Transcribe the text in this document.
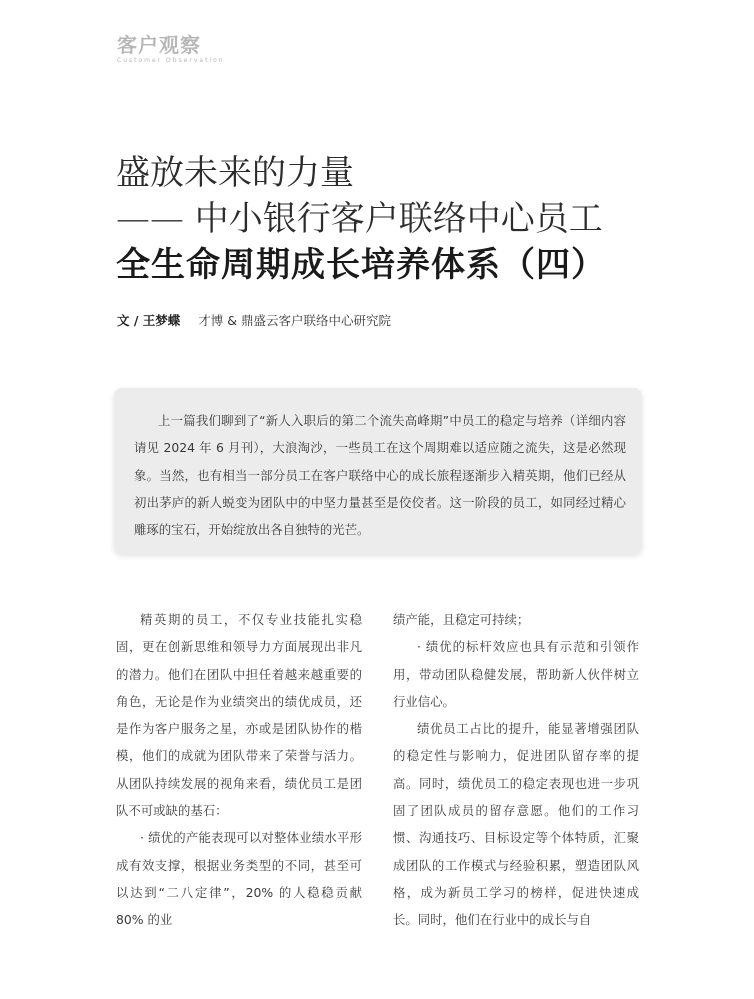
客户观察
Customer Observation
盛放未来的力量
—— 中小银行客户联络中心员工
全生命周期成长培养体系（四）
文 / 王梦蝶 才博 & 鼎盛云客户联络中心研究院

上一篇我们聊到了“新人入职后的第二个流失高峰期”中员工的稳定与培养（详细内容请见 2024 年 6 月刊），大浪淘沙，一些员工在这个周期难以适应随之流失，这是必然现象。当然，也有相当一部分员工在客户联络中心的成长旅程逐渐步入精英期，他们已经从初出茅庐的新人蜕变为团队中的中坚力量甚至是佼佼者。这一阶段的员工，如同经过精心雕琢的宝石，开始绽放出各自独特的光芒。

精英期的员工，不仅专业技能扎实稳固，更在创新思维和领导力方面展现出非凡的潜力。他们在团队中担任着越来越重要的角色，无论是作为业绩突出的绩优成员，还是作为客户服务之星，亦或是团队协作的楷模，他们的成就为团队带来了荣誉与活力。从团队持续发展的视角来看，绩优员工是团队不可或缺的基石：

· 绩优的产能表现可以对整体业绩水平形成有效支撑，根据业务类型的不同，甚至可以达到“二八定律”，20% 的人稳稳贡献 80% 的业

绩产能，且稳定可持续；

· 绩优的标杆效应也具有示范和引领作用，带动团队稳健发展，帮助新人伙伴树立行业信心。

绩优员工占比的提升，能显著增强团队的稳定性与影响力，促进团队留存率的提高。同时，绩优员工的稳定表现也进一步巩固了团队成员的留存意愿。他们的工作习惯、沟通技巧、目标设定等个体特质，汇聚成团队的工作模式与经验积累，塑造团队风格，成为新员工学习的榜样，促进快速成长。同时，他们在行业中的成长与自
